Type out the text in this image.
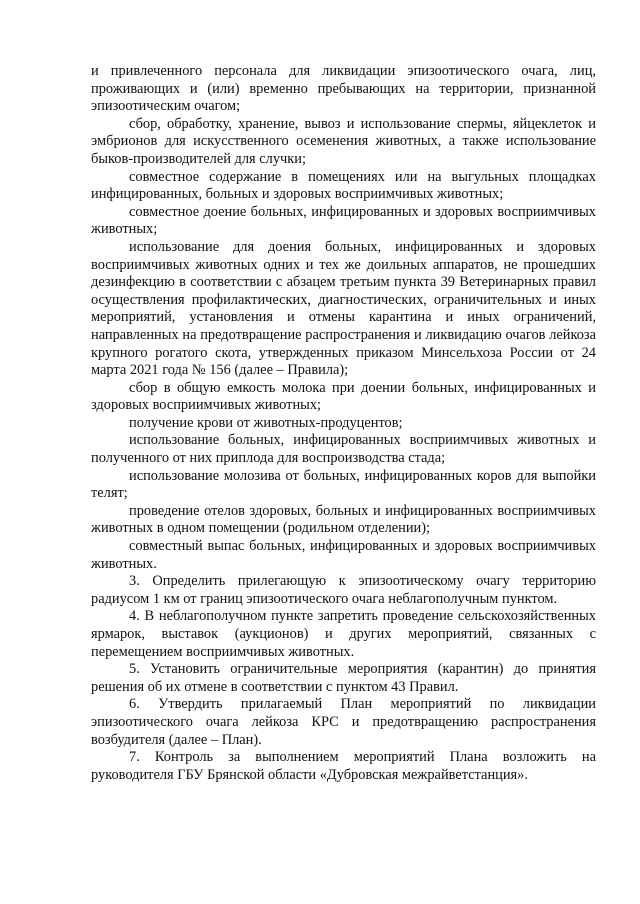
и привлеченного персонала для ликвидации эпизоотического очага, лиц, проживающих и (или) временно пребывающих на территории, признанной эпизоотическим очагом;

сбор, обработку, хранение, вывоз и использование спермы, яйцеклеток и эмбрионов для искусственного осеменения животных, а также использование быков-производителей для случки;

совместное содержание в помещениях или на выгульных площадках инфицированных, больных и здоровых восприимчивых животных;

совместное доение больных, инфицированных и здоровых восприимчивых животных;

использование для доения больных, инфицированных и здоровых восприимчивых животных одних и тех же доильных аппаратов, не прошедших дезинфекцию в соответствии с абзацем третьим пункта 39 Ветеринарных правил осуществления профилактических, диагностических, ограничительных и иных мероприятий, установления и отмены карантина и иных ограничений, направленных на предотвращение распространения и ликвидацию очагов лейкоза крупного рогатого скота, утвержденных приказом Минсельхоза России от 24 марта 2021 года № 156 (далее – Правила);

сбор в общую емкость молока при доении больных, инфицированных и здоровых восприимчивых животных;

получение крови от животных-продуцентов;

использование больных, инфицированных восприимчивых животных и полученного от них приплода для воспроизводства стада;

использование молозива от больных, инфицированных коров для выпойки телят;

проведение отелов здоровых, больных и инфицированных восприимчивых животных в одном помещении (родильном отделении);

совместный выпас больных, инфицированных и здоровых восприимчивых животных.

3. Определить прилегающую к эпизоотическому очагу территорию радиусом 1 км от границ эпизоотического очага неблагополучным пунктом.

4. В неблагополучном пункте запретить проведение сельскохозяйственных ярмарок, выставок (аукционов) и других мероприятий, связанных с перемещением восприимчивых животных.

5. Установить ограничительные мероприятия (карантин) до принятия решения об их отмене в соответствии с пунктом 43 Правил.

6. Утвердить прилагаемый План мероприятий по ликвидации эпизоотического очага лейкоза КРС и предотвращению распространения возбудителя (далее – План).

7. Контроль за выполнением мероприятий Плана возложить на руководителя ГБУ Брянской области «Дубровская межрайветстанция».
